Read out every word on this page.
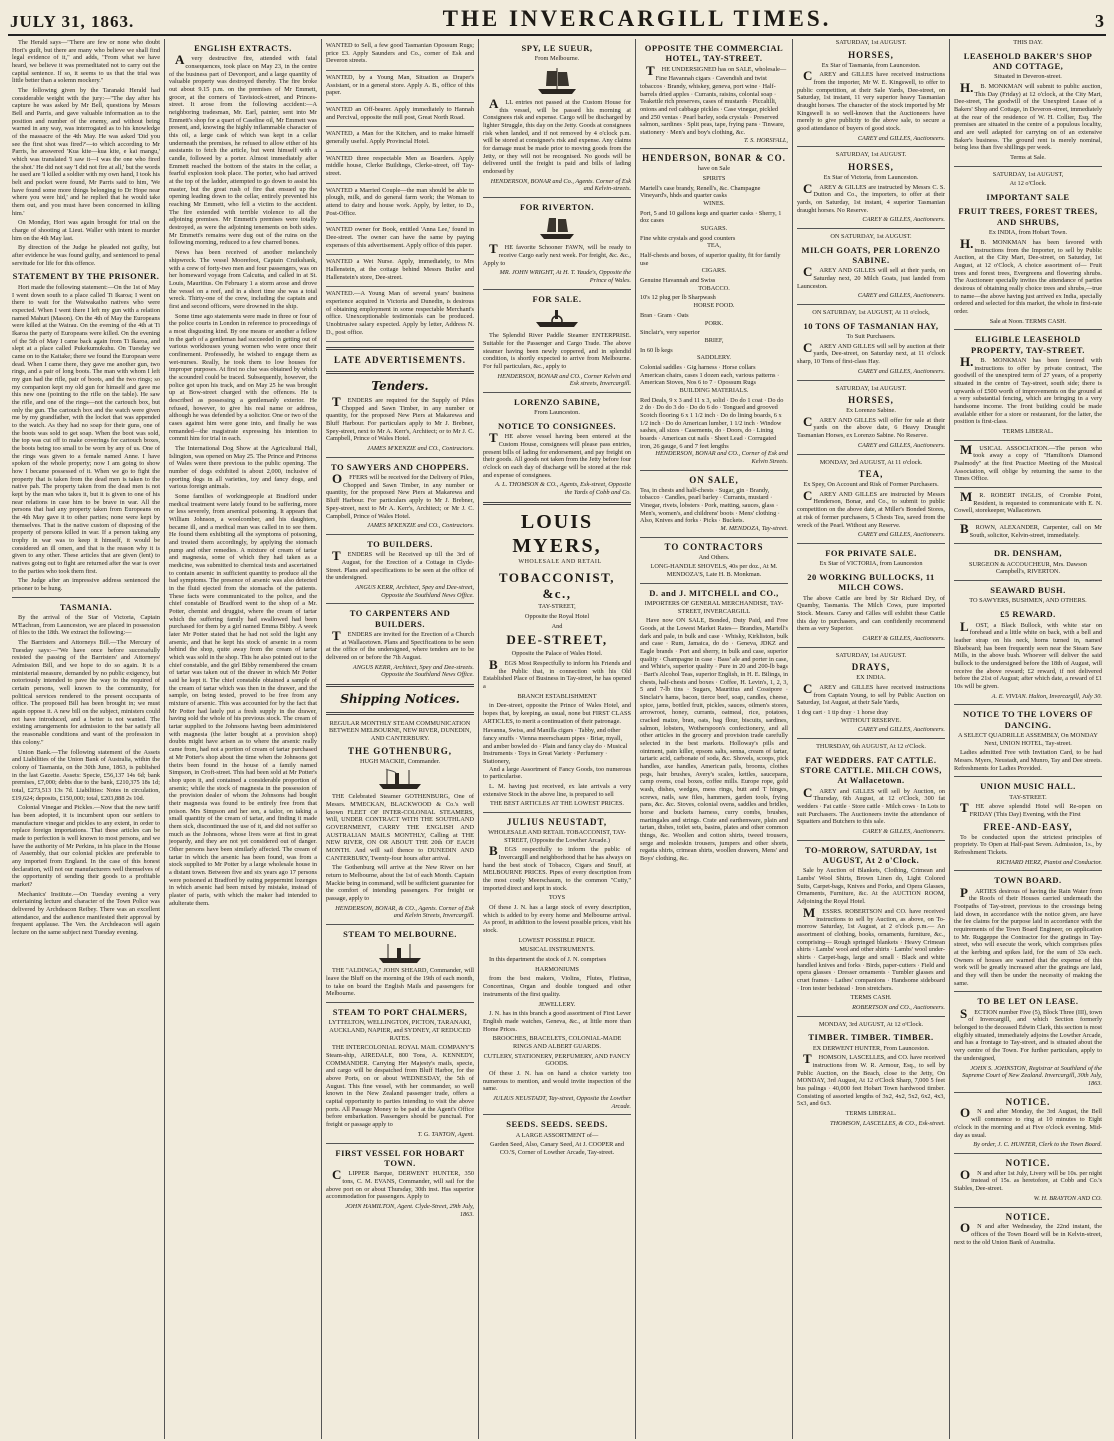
JULY 31, 1863.	THE INVERCARGILL TIMES.	3

The Herald says—"There are few or none who doubt Hori's guilt, but there are many who believe we shall find legal evidence of it," and adds, "From what we have heard, we believe it was premeditated not to carry out the capital sentence. If so, it seems to us that the trial was little better than a solemn mockery."

The following given by the Taranaki Herald had considerable weight with the jury:—"The day after his capture he was asked by Mr Bell, questions by Messrs Bell and Parris, and gave valuable information as to the position and number of the enemy, and without being warned in any way, was interrogated as to his knowledge of the massacre of the 4th May. He was asked 'Did you see the first shot was fired?'—to which according to Mr Parris, he answered 'Kua kite—kua kite, e kai mangu,' which was translated 'I saw it—I was the one who fired the shot.' He did not say 'I did not fire at all,' but the words he used are 'I killed a soldier with my own hand, I took his belt and pocket were found, Mr Parris said to him, 'We have found some more things belonging to Dr Hope near where you were hid,' and he replied that he would take them out, and you must have been concerned in killing him.'

On Monday, Hori was again brought for trial on the charge of shooting at Lieut. Waller with intent to murder him on the 4th May last.

By direction of the Judge he pleaded not guilty, but after evidence he was found guilty, and sentenced to penal servitude for life for this offence.

STATEMENT BY THE PRISONER.

Hori made the following statement:—On the 1st of May I went down south to a place called Ti Ikaroa; I went on there to wait for the Waiwakaiho natives who were expected. When I went there I left my gun with a relation named Mahuri (Mason). On the 4th of May the Europeans were killed at the Wairau. On the evening of the 4th at Ti Ikaroa the party of Europeans were killed. On the evening of the 5th of May I came back again from Ti Ikaroa, and slept at a place called Pukekumukuhu. On Tuesday we came on to the Kaitake; there we found the European were dead. When I came there, they gave me another gun, two rings, and a pair of long boots. The man with whom I left my gun had the rifle, pair of boots, and the two rings; so my companion kept my old gun for himself and gave me this new one (pointing to the rifle on the table). He saw the rifle, and one of the rings—not the cartouch box, but only the gun. The cartouch box and the watch were given me by my grandfather, with the locket that was appended to the watch. As they had no soap for their guns, one of the boots was sold to get soap. When the boot was sold, the top was cut off to make coverings for cartouch boxes, the boots being too small to be worn by any of us. One of the rings was given to a female named Anne. I have spoken of the whole property; now I am going to show how I became possessed of it. When we go to fight the property that is taken from the dead men is taken to the native pah. The property taken from the dead men is not kept by the man who takes it, but it is given to one of his near relations in case him to be brave in war. All the persons that had any property taken from Europeans on the 4th May gave it to other parties; none were kept by themselves. That is the native custom of disposing of the property of persons killed in war. If a person taking any trophy in war was to keep it himself, it would be considered an ill omen, and that is the reason why it is given to any other. These articles that are given (lent) to natives going out to fight are returned after the war is over to the parties who took them first.

The Judge after an impressive address sentenced the prisoner to be hung.

TASMANIA.

By the arrival of the Star of Victoria, Captain M'Eachran, from Launceston, we are placed in possession of files to the 18th. We extract the following:—

The Barristers and Attorneys Bill.—The Mercury of Tuesday says:—"We have once before successfully resisted the passing of the Barristers' and Attorneys' Admission Bill, and we hope to do so again. It is a ministerial measure, demanded by no public exigency, but notoriously intended to pave the way to the required of certain persons, well known to the community, for political services rendered to the present occupants of office. The proposed Bill has been brought in; we must again oppose it. A new bill on the subject, ministers could not have introduced, and a better is not wanted. The existing arrangements for admission to the bar satisfy all the reasonable conditions and want of the profession in this colony."

Union Bank.—The following statement of the Assets and Liabilities of the Union Bank of Australia, within the colony of Tasmania, on the 30th June, 1863, is published in the last Gazette. Assets: Specie, £56,137 14s 6d; bank premises, £7,000; debts due to the bank, £210,375 18s 1d; total, £273,513 13s 7d. Liabilities: Notes in circulation, £19,624; deposits, £150,000; total, £203,888 2s 10d.

Colonial Vinegar and Pickles.—Now that the new tariff has been adopted, it is incumbent upon our settlers to manufacture vinegar and pickles to any extent, in order to replace foreign importations. That these articles can be made to perfection is well known to most persons, and we have the authority of Mr Perkins, in his place in the House of Assembly, that our colonial pickles are preferable to any imported from England. In the case of this honest declaration, will not our manufacturers well themselves of the opportunity of sending their goods to a profitable market?

Mechanics' Institute.—On Tuesday evening a very entertaining lecture and character of the Town Police was delivered by Archdeacon Reibey. There was an excellent attendance, and the audience manifested their approval by frequent applause. The Ven. the Archdeacon will again lecture on the same subject next Tuesday evening.

ENGLISH EXTRACTS.

Avery destructive fire, attended with fatal consequences, took place on May 23, in the centre of the business part of Devonport, and a large quantity of valuable property was destroyed thereby. The fire broke out about 9.15 p.m. on the premises of Mr Emmett, grocer, at the corners of Tavistock-street, and Princes-street. It arose from the following accident:—A neighboring tradesman, Mr. Earl, painter, sent into Mr Emmett's shop for a quart of Caseline oil, Mr Emmett was present, and, knowing the highly inflammable character of this oil, a large cask of which was kept in a cellar underneath the premises, he refused to allow either of his assistants to fetch the article, but went himself with a candle, followed by a porter. Almost immediately after Emmett reached the bottom of the stairs in the cellar, a fearful explosion took place. The porter, who had arrived at the top of the ladder, attempted to go down to assist his master, but the great rush of fire that ensued up the opening leading down to the cellar, entirely prevented his reaching Mr Emmett, who fell a victim to the accident. The fire extended with terrible violence to all the adjoining premises. Mr Emmett's premises were totally destroyed, as were the adjoining tenements on both sides. Mr Emmett's remains were dug out of the ruins on the following morning, reduced to a few charred bones.

News has been received of another melancholy shipwreck. The vessel Moorefoot, Captain Cruikshank, with a crew of forty-two men and four passengers, was on her homeward voyage from Calcutta, and called in at St. Louis, Mauritius. On February 1 a storm arose and drove the vessel on a reef, and in a short time she was a total wreck. Thirty-one of the crew, including the captain and first and second officers, were drowned in the ship.

Some time ago statements were made in three or four of the police courts in London in reference to proceedings of a most disgusting kind. By one means or another a fellow in the garb of a gentleman had succeeded in getting out of various workhouses young women who were once their confinement. Professedly, he wished to engage them as wet-nurses. Really, he took them to low houses for improper purposes. At first no clue was obtained by which the scoundrel could be traced. Subsequently, however, the police got upon his track, and on May 25 he was brought up at Bow-street charged with the offences. He is described as possessing a gentlemanly exterior. He refused, however, to give his real name or address, although he was defended by a solicitor. One or two of the cases against him were gone into, and finally he was remanded—the magistrate expressing his intention to commit him for trial in each.

The International Dog Show at the Agricultural Hall, Islington, was opened on May 25. The Prince and Princess of Wales were there previous to the public opening. The number of dogs exhibited is about 2,000, inclusive of sporting dogs in all varieties, toy and fancy dogs, and various foreign animals.

Some families of workingpeople at Bradford under medical treatment were lately found to be suffering, more or less severely, from arsenical poisoning. It appears that William Johnson, a woolcomber, and his daughters, became ill, and a medical man was called in to see them. He found them exhibiting all the symptoms of poisoning, and treated them accordingly, by applying the stomach pump and other remedies. A mixture of cream of tartar and magnesia, some of which they had taken as a medicine, was submitted to chemical tests and ascertained to contain arsenic in sufficient quantity to produce all the bad symptoms. The presence of arsenic was also detected in the fluid ejected from the stomachs of the patients. These facts were communicated to the police, and the chief constable of Bradford went to the shop of a Mr. Potter, chemist and druggist, where the cream of tartar which the suffering family had swallowed had been purchased for them by a girl named Emma Bibby. A week later Mr Potter stated that he had not sold the light any arsenic, and that he kept his stock of arsenic in a room behind the shop, quite away from the cream of tartar which was sold in the shop. This he also pointed out to the chief constable, and the girl Bibby remembered the cream of tartar was taken out of the drawer in which Mr Potter said he kept it. The chief constable obtained a sample of the cream of tartar which was then in the drawer, and the sample, on being tested, proved to be free from any mixture of arsenic. This was accounted for by the fact that Mr Potter had lately put a fresh supply in the drawer, having sold the whole of his previous stock. The cream of tartar supplied to the Johnsons having been administered with magnesia (the latter bought at a provision shop) doubts might have arisen as to where the arsenic really came from, had not a portion of cream of tartar purchased at Mr Potter's shop about the time when the Johnsons got theirs been found in the house of a family named Simpson, in Croft-street. This had been sold at Mr Potter's shop upon it, and contained a considerable proportion of arsenic; while the stock of magnesia in the possession of the provision dealer of whom the Johnsons had bought their magnesia was found to be entirely free from that poison. Mrs Simpson and her son, a tailor, on taking a small quantity of the cream of tartar, and finding it made them sick, discontinued the use of it, and did not suffer so much as the Johnsons, whose lives were at first in great jeopardy, and they are not yet considered out of danger. Other persons have been similarly affected. The cream of tartar in which the arsenic has been found, was from a stock supplied to Mr Potter by a large wholesale house in a distant town. Between five and six years ago 17 persons were poisoned at Bradford by eating peppermint lozenges in which arsenic had been mixed by mistake, instead of plaster of paris, with which the maker had intended to adulterate them.

WANTED to Sell, a few good Tasmanian Opossum Rugs; price £3. Apply Saunders and Co., corner of Esk and Deveron streets.

WANTED, by a Young Man, Situation as Draper's Assistant, or in a general store. Apply A. B., office of this paper.

WANTED an Off-bearer. Apply immediately to Hannah and Percival, opposite the mill post, Great North Road.

WANTED, a Man for the Kitchen, and to make himself generally useful. Apply Provincial Hotel.

WANTED three respectable Men as Boarders. Apply middle house, Clerke Buildings, Clerke-street, off Tay-street.

WANTED a Married Couple—the man should be able to plough, milk, and do general farm work; the Woman to attend to dairy and house work. Apply, by letter, to D., Post-Office.

WANTED owner for Book, entitled 'Anna Lee,' found in Dee-street. The owner can have the same by paying expenses of this advertisement. Apply office of this paper.

WANTED a Wet Nurse. Apply, immediately, to Mrs Hallenstein, at the cottage behind Messrs Butler and Hallenstein's store, Dee-street.

WANTED.—A Young Man of several years' business experience acquired in Victoria and Dunedin, is desirous of obtaining employment in some respectable Merchant's office. Unexceptionable testimonials can be produced. Unobtrusive salary expected. Apply by letter, Address N. D., post office.

LATE ADVERTISEMENTS.
Tenders.

TENDERS are required for the Supply of Piles Chopped and Sawn Timber, in any number or quantity, for the proposed New Piers at Makarewa and Bluff Harbour. For particulars apply to Mr J. Brebner, Spey-street, next to Mr A. Kerr's, Architect; or to Mr J. C. Campbell, Prince of Wales Hotel.

JAMES M'KENZIE and CO., Contractors.

TO SAWYERS AND CHOPPERS.

OFFERS will be received for the Delivery of Piles, Chopped and Sawn Timber, in any number or quantity, for the proposed New Piers at Makarewa and Bluff Harbour. For particulars apply to Mr J. Brebner, Spey-street, next to Mr A. Kerr's, Architect; or Mr J. C. Campbell, Prince of Wales Hotel.

JAMES M'KENZIE and CO., Contractors.

TO BUILDERS.

TENDERS will be Received up till the 3rd of August, for the Erection of a Cottage in Clyde-Street. Plans and specifications to be seen at the office of the undersigned.

ANGUS KERR, Architect, Spey and Dee-street, Opposite the Southland News Office.

TO CARPENTERS AND BUILDERS.

TENDERS are invited for the Erection of a Church at Wallacetown. Plans and Specifications to be seen at the office of the undersigned, where tenders are to be delivered on or before the 7th August.

ANGUS KERR, Architect, Spey and Dee-streets. Opposite the Southland News Office.

Shipping Notices.

REGULAR MONTHLY STEAM COMMUNICATION BETWEEN MELBOURNE, NEW RIVER, DUNEDIN, AND CANTERBURY.

THE GOTHENBURG,

HUGH MACKIE, Commander.

THE Celebrated Steamer GOTHENBURG, One of Messrs. M'MECKAN, BLACKWOOD & Co.'s well known FLEET OF INTER-COLONIAL STEAMERS, Will, UNDER CONTRACT WITH THE SOUTHLAND GOVERNMENT, CARRY THE ENGLISH AND AUSTRALIAN MAILS MONTHLY, Calling at THE NEW RIVER, ON OR ABOUT THE 20th OF EACH MONTH. And will sail thence to DUNEDIN AND CANTERBURY, Twenty-four hours after arrival.

The Gothenburg will arrive at the New River on her return to Melbourne, about the 1st of each Month. Captain Mackie being in command, will be sufficient guarantee for the comfort of intending passengers. For freight or passage, apply to

HENDERSON, BONAR, & CO., Agents. Corner of Esk and Kelvin Streets, Invercargill.

STEAM TO MELBOURNE.

THE "ALDINGA," JOHN SHEARD, Commander, will leave the Bluff on the morning of the 19th of each month, to take on board the English Mails and passengers for Melbourne.

STEAM TO PORT CHALMERS,

LYTTELTON, WELLINGTON, PICTON, TARANAKI, AUCKLAND, NAPIER, and SYDNEY, AT REDUCED RATES.

THE INTERCOLONIAL ROYAL MAIL COMPANY'S Steam-ship, AIREDALE, 800 Tons, A. KENNEDY, COMMANDER. Carrying Her Majesty's mails, specie, and cargo will be despatched from Bluff Harbor, for the above Ports, on or about WEDNESDAY, the 5th of August. This fine vessel, with her commander, so well known in the New Zealand passenger trade, offers a capital opportunity to parties intending to visit the above ports. All Passage Money to be paid at the Agent's Office before embarkation. Passengers should be punctual. For freight or passage apply to

T. G. TANTON, Agent.

FIRST VESSEL FOR HOBART TOWN.

CLIPPER Barque, DERWENT HUNTER, 350 tons, C. M. EVANS, Commander, will sail for the above port on or about Thursday, 30th inst. Has superior accommodation for passengers. Apply to

JOHN HAMILTON, Agent. Clyde-Street, 29th July, 1863.

SPY, LE SUEUR,

From Melbourne.

ALL entries not passed at the Custom House for this vessel, will be passed his morning at Consignees risk and expense. Cargo will be discharged by lighter Struggle, this day on the Jetty. Goods at consignees risk when landed, and if not removed by 4 o'clock p.m. will be stored at consignee's risk and expense. Any claims for damage must be made prior to moving goods from the Jetty, or they will not be recognised. No goods will be delivered until the freight is paid and bills of lading endorsed by

HENDERSON, BONAR and Co., Agents. Corner of Esk and Kelvin-streets.

FOR RIVERTON.

THE favorite Schooner FAWN, will be ready to receive Cargo early next week. For freight, &c. &c., Apply to

MR. JOHN WRIGHT, At H. T. Yaude's, Opposite the Prince of Wales.

FOR SALE.

The Splendid River Paddle Steamer ENTERPRISE. Suitable for the Passenger and Cargo Trade. The above steamer having been newly coppered, and in splendid condition, is shortly expected to arrive from Melbourne. For full particulars, &c., apply to

HENDERSON, BONAR and CO., Corner Kelvin and Esk streets, Invercargill.

LORENZO SABINE,

From Launceston.

NOTICE TO CONSIGNEES.

THE above vessel having been entered at the Custom House, consignees will please pass entries, present bills of lading for endorsement, and pay freight on their goods. All goods not taken from the Jetty before four o'clock on each day of discharge will be stored at the risk and expense of consignees.

A. L. THOMSON & CO., Agents, Esk-street, Opposite the Yards of Cobb and Co.

LOUIS MYERS,

WHOLESALE AND RETAIL

TOBACCONIST, &c.,

TAY-STREET,

Opposite the Royal Hotel

And

DEE-STREET,

Opposite the Palace of Wales Hotel.

BEGS Most Respectfully to inform his Friends and the Public that, in connection with his Old Established Place of Business in Tay-street, he has opened a

BRANCH ESTABLISHMENT

in Dee-street, opposite the Prince of Wales Hotel, and hopes that, by keeping, as usual, none but FIRST CLASS ARTICLES, to merit a continuation of their patronage.

Havanna, Swiss, and Manilla cigars · Tabby, and other fancy snuffs · Vienna meerschaum pipes · Briar, myall, and amber bowled do · Plain and fancy clay do · Musical Instruments · Toys in Great Variety · Perfumery · Stationery,

And a large Assortment of Fancy Goods, too numerous to particularise.

L. M. having just received, ex late arrivals a very extensive Stock in the above line, is prepared to sell

THE BEST ARTICLES AT THE LOWEST PRICES.

JULIUS NEUSTADT,

WHOLESALE AND RETAIL TOBACCONIST, TAY-STREET, (Opposite the Lowther Arcade.)

BEGS respectfully to inform the public of Invercargill and neighborhood that he has always on hand the best stock of Tobacco, Cigars and Snuff, at MELBOURNE PRICES. Pipes of every description from the most costly Meerschaum, to the common "Cutty," imported direct and kept in stock.

TOYS

Of these J. N. has a large stock of every description, which is added to by every home and Melbourne arrival. As proof, in addition to the lowest possible prices, visit his stock.

LOWEST POSSIBLE PRICE.

MUSICAL INSTRUMENTS.

In this department the stock of J. N. comprises

HARMONIUMS

from the best makers, Violins, Flutes, Flutinas, Concertinas, Organ and double tongued and other instruments of the first quality.

JEWELLERY.

J. N. has in this branch a good assortment of First Lever English made watches, Geneva, &c., at little more than Home Prices.

BROOCHES, BRACELETS, COLONIAL-MADE RINGS AND ALBERT GUARDS.

CUTLERY, STATIONERY, PERFUMERY, AND FANCY GOODS.

Of these J. N. has on hand a choice variety too numerous to mention, and would invite inspection of the same.

JULIUS NEUSTADT, Tay-street, Opposite the Lowther Arcade.

SEEDS. SEEDS. SEEDS.

A LARGE ASSORTMENT of—

Garden Seed, Also, Canary Seed, At J. COOPER and CO.'S, Corner of Lowther Arcade, Tay-street.

OPPOSITE THE COMMERCIAL HOTEL, TAY-STREET.

THE UNDERSIGNED has on SALE, wholesale—

Fine Havannah cigars · Cavendish and twist tobaccos · Brandy, whiskey, geneva, port wine · Half-barrels dried apples · Currants, raisins, colonial soap · Teakettle rich preserves, cases of mustards · Piccalilli, onions and red cabbage pickles · Case vinegar, pickled and 250 ventas · Pearl barley, soda crystals · Preserved salmon, sardines · Split peas, tape, frying pans · Tinware, stationery · Men's and boy's clothing, &c.

T. S. HORSFALL,

HENDERSON, BONAR & CO.

have on Sale

SPIRITS

Martell's case brandy, Renell's, &c. Champagne Vineyard's, hhds and quarter casks

WINES.

Port, 5 and 10 gallons kegs and quarter casks · Sherry, 1 doz cases

SUGARS.

Fine white crystals and good counters

TEA,

Half-chests and boxes, of superior quality, fit for family use

CIGARS.

Genuine Havannah and Swiss

TOBACCO.

10's 12 plug per lb Sharpwash

HORSE FOOD.

Bran · Gram · Oats

PORK.

Sinclair's, very superior

BRIEF,

In 60 lb kegs

SADDLERY.

Colonial saddles · Gig harness · Horse collars

American chairs, cases 1 dozen each, various patterns · American Stoves, Nos 6 to 7 · Opossum Rugs

BUILDING MATERIALS.

Red Deals, 9 x 3 and 11 x 3, solid · Do do 1 coat · Do do 2 do · Do do 3 do · Do do 6 do · Tongued and grooved Scotch flooring 6 x 1 1/2 inch · Do do lining boards, 6 x 1/2 inch · Do do American lumber, 1 1/2 inch · Window sashes, all sizes · Casements, do · Doors, do · Lining boards · American cut nails · Sheet Lead · Corrugated iron, 26 gauge, 6 and 7 feet lengths

HENDERSON, BONAR and CO., Corner of Esk and Kelvin Streets.

ON SALE,

Tea, in chests and half-chests · Sugar, gin · Brandy, tobacco · Candles, pearl barley · Currants, mustard · Vinegar, rivets, lobsters · Pork, matting, sauces, glass · Men's, women's, and childrens' boots · Mens' clothing · Also, Knives and forks · Picks · Buckets.

M. MENDOZA, Tay-street.

TO CONTRACTORS

And Others.

LONG-HANDLE SHOVELS, 40s per doz., At M. MENDOZA'S, Late H. B. Monkman.

D. and J. MITCHELL and CO.,

IMPORTERS OF GENERAL MERCHANDISE, TAY-STREET, INVERCARGILL

Have now ON SALE, Bonded, Duty Paid, and Free Goods, at the Lowest Market Rates— Brandies, Martell's dark and pale, in bulk and case · Whisky, Kirkliston, bulk and case · Rum, Jamaica, do do · Geneva, JDKZ and Eagle brands · Port and sherry, in bulk and case, superior quality · Champagne in case · Bass' ale and porter in case, and White's, superior quality · Pure in 20 and 200-lb bags · Bart's Alcohol Teas, superior English, in H. E. Bilings, in chests, half-chests and boxes · Coffee, H. Levin's, 1, 2, 3, 5 and 7-lb tins · Sugars, Mauritius and Cossipore · Sinclair's hams, bacon, tierce beef, soap, candles, cheese, spice, jams, bottled fruit, pickles, sauces, oilmen's stores, arrowroot, honey, currants, oatmeal, rice, potatoes, cracked maize, bran, oats, bag flour, biscuits, sardines, salmon, lobsters, Wotherspoon's confectionery, and all other articles in the grocery and provision trade carefully selected in the best markets. Holloway's pills and ointment, pain killer, epsom salts, senna, cream of tartar, tartaric acid, carbonate of soda, &c. Shovels, scoops, pick handles, axe handles, American pails, brooms, clothes pegs, hair brushes, Avery's scales, kettles, saucepans, camp ovens, coal boxes, coffee mills. Europe rope, gold wash, dishes, wedges, mess rings, butt and T hinges, screws, nails, saw files, hammers, garden tools, frying pans, &c. &c. Stoves, colonial ovens, saddles and bridles, horse and buckets harness, curry combs, brushes, martingales and strings. Crate and earthenware, plain and tartan, dishes, toilet sets, basins, plates and other common things, &c. Woollen and cotton shirts, tweed trousers, serge and moleskin trousers, jumpers and other shorts, regatta shirts, crimean shirts, woollen drawers, Mens' and Boys' clothing, &c.

SATURDAY, 1st AUGUST.

HORSES,

Ex Star of Tasmania, from Launceston.

CAREY and GILLES have received instructions from the importer, Mr W. E. Kingswell, to offer to public competition, at their Sale Yards, Dee-street, on Saturday, 1st instant, 11 very superior heavy Tasmanian draught horses. The character of the stock imported by Mr Kingswell is so well-known that the Auctioneers have merely to give publicity to the above sale, to secure a good attendance of buyers of good stock.

CAREY and GILLES, Auctioneers.

SATURDAY, 1st AUGUST.

HORSES,

Ex Star of Victoria, from Launceston.

CAREY & GILLES are instructed by Messrs C. S. Dutton and Co., the importers, to offer at their yards, on Saturday, 1st instant, 4 superior Tasmanian draught horses. No Reserve.

CAREY & GILLES, Auctioneers.

ON SATURDAY, 1st AUGUST.

MILCH GOATS, PER LORENZO SABINE.

CAREY AND GILLES will sell at their yards, on Saturday next, 20 Milch Goats, just landed from Launceston.

CAREY and GILLES, Auctioneers.

ON SATURDAY, 1st AUGUST, At 11 o'clock,

10 TONS OF TASMANIAN HAY,

To Suit Purchasers.

CAREY AND GILLES will sell by auction at their yards, Dee-street, on Saturday next, at 11 o'clock sharp, 10 Tons of first-class Hay.

CAREY and GILLES, Auctioneers.

SATURDAY, 1st AUGUST.

HORSES,

Ex Lorenzo Sabine.

CAREY AND GILLES will offer for sale at their yards on the above date, 6 Heavy Draught Tasmanian Horses, ex Lorenzo Sabine. No Reserve.

CAREY and GILLES, Auctioneers.

MONDAY, 3rd AUGUST, At 11 o'clock.

TEA,

Ex Spey, On Account and Risk of Former Purchasers.

CAREY AND GILLES are instructed by Messrs Henderson, Bonar, and Co., to submit to public competition on the above date, at Miller's Bonded Stores, at risk of former purchasers, 5 Chests Tea, saved from the wreck of the Pearl. Without any Reserve.

CAREY and GILLES, Auctioneers.

FOR PRIVATE SALE.

Ex Star of VICTORIA, from Launceston

20 WORKING BULLOCKS, 11 MILCH COWS.

The above Cattle are bred by Sir Richard Dry, of Quamby, Tasmania. The Milch Cows, pure imported Stock. Messrs. Carey and Gilles will exhibit these Cattle this day to purchasers, and can confidently recommend them as very Superior.

CAREY & GILLES, Auctioneers.

SATURDAY, 1st AUGUST.

DRAYS,

EX INDIA.

CAREY and GILLES have received instructions from Captain Young, to sell by Public Auction on Saturday, 1st August, at their Sale Yards,

1 dog cart · 1 tip dray · 1 horse dray

WITHOUT RESERVE.

CAREY and GILLES, Auctioneers.

THURSDAY, 6th AUGUST, At 12 o'Clock.

FAT WEDDERS. FAT CATTLE. STORE CATTLE. MILCH COWS, At Wallacetown.

CAREY and GILLES will sell by Auction, on Thursday, 6th August, at 12 o'Clock, 300 fat wedders · Fat cattle · Store cattle · Milch cows · In Lots to suit Purchasers. The Auctioneers invite the attendance of Squatters and Butchers to this sale.

CAREY & GILLES, Auctioneers.

TO-MORROW, SATURDAY, 1st AUGUST, At 2 o'Clock.

Sale by Auction of Blankets, Clothing, Crimean and Lambs' Wool Shirts, Brown Linen do, Light Colored Suits, Carpet-bags, Knives and Forks, and Opera Glasses, Ornaments, Furniture, &c. At the AUCTION ROOM, Adjoining the Royal Hotel.

MESSRS. ROBERTSON and CO. have received instructions to sell by Auction, as above, on To-morrow Saturday, 1st August, at 2 o'clock p.m.— An assortment of clothing, books, ornaments, furniture, &c., comprising— Rough springed blankets · Heavy Crimean shirts · Lambs' wool and other shirts · Lambs' wool under-shirts · Carpet-bags, large and small · Black and white handled knives and forks · Birds, paper-cutters · Field and opera glasses · Dresser ornaments · Tumbler glasses and cruet frames · Lathes' companions · Handsome sideboard · Iron tester bedstead · Iron stretchers.

TERMS CASH.

ROBERTSON and CO., Auctioneers.

MONDAY, 3rd AUGUST, At 12 o'Clock.

TIMBER. TIMBER. TIMBER.

EX DERWENT HUNTER, From Launceston.

THOMSON, LASCELLES, and CO. have received instructions from W. R. Armour, Esq., to sell by Public Auction, on the Beach, close to the Jetty, On MONDAY, 3rd August, At 12 o'Clock Sharp, 7,000 5 feet bus palings · 40,000 feet Hobart Town hardwood timber. Consisting of assorted lengths of 3x2, 4x2, 5x2, 6x2, 4x3, 5x3, and 6x3.

TERMS LIBERAL.

THOMSON, LASCELLES, & CO., Esk-street.

THIS DAY.

LEASEHOLD BAKER'S SHOP AND COTTAGE,

Situated in Deveron-street.

H.B. MONKMAN will submit to public auction, This Day (Friday) at 12 o'clock, at the City Mart, Dee-street, The goodwill of the Unexpired Lease of a Bakers' Shop and Cottage, in Deveron-street, immediately at the rear of the residence of W. H. Collier, Esq. The premises are situated in the centre of a populous locality, and are well adapted for carrying on of an extensive Baker's business. The ground rent is merely nominal, being less than five shillings per week.

Terms at Sale.

SATURDAY, 1st AUGUST,

At 12 o'Clock.

IMPORTANT SALE
FRUIT TREES, FOREST TREES, AND SHRUBS,

Ex INDIA, from Hobart Town.

H.B. MONKMAN has been favored with instructions from the Importer, to sell by Public Auction, at the City Mart, Dee-street, on Saturday, 1st August, at 12 o'Clock, A choice assortment of— Fruit trees and forest trees, Evergreens and flowering shrubs. The Auctioneer specially invites the attendance of parties desirous of obtaining really choice trees and shrubs,—true to name—the above having just arrived ex India, specially ordered and selected for this market, the whole in first-rate order.

Sale at Noon. TERMS CASH.

ELIGIBLE LEASEHOLD PROPERTY, TAY-STREET.

H.B. MONKMAN has been favored with instructions to offer by private contract, The goodwill of the unexpired term of 27 years, of a property situated in the centre of Tay-street, south side; there is upwards of £500 worth of improvements on the ground at a very substantial fencing, which are bringing in a very handsome income. The front building could be made available either for a store or restaurant, for the latter, the position is first-class.

TERMS LIBERAL.

MUSICAL ASSOCIATION.—The person who took away a copy of "Hamilton's Diamond Psalmody" at the first Practice Meeting of the Musical Association, will oblige by returning the same to the Times Office.

MR. ROBERT INGLIS, of Crombie Point, Resident, is requested to communicate with E. N. Cowell, storekeeper, Wallacetown.

BROWN, ALEXANDER, Carpenter, call on Mr South, solicitor, Kelvin-street, immediately.

DR. DENSHAM,

SURGEON & ACCOUCHEUR, Mrs. Dawson Campbell's, RIVERTON.

SEAWARD BUSH.

TO SAWYERS, BUSHMEN, AND OTHERS.

£5 REWARD.

LOST, a Black Bullock, with white star on forehead and a little white on back, with a bell and leather strap on his neck, horns turned in, named Bluebeard; has been frequently seen near the Steam Saw Mills, in the above bush. Whoever will deliver the said bullock to the undersigned before the 18th of August, will receive the above reward; £2 reward, if not delivered before the 21st of August; after which date, a reward of £1 10s will be given.

A. E. VIVIAN. Halton, Invercargill, July 30.

NOTICE TO THE LOVERS OF DANCING.

A SELECT QUADRILLE ASSEMBLY, On MONDAY Next, UNION HOTEL, Tay-street.

Ladies admitted Free with Invitation Card, to be had Messrs. Myers, Neustadt, and Munro, Tay and Dee streets. Refreshments for Ladies Provided.

UNION MUSIC HALL.

TAY-STREET.

THE above splendid Hotel will Re-open on FRIDAY (This Day) Evening, with the First

FREE-AND-EASY,

To be conducted upon the strictest principles of propriety. To Open at Half-past Seven. Admission, 1s., by Refreshment Tickets.

RICHARD HERZ, Pianist and Conductor.

TOWN BOARD.

PARTIES desirous of having the Rain Water from the Roofs of their Houses carried underneath the Footpaths of Tay-street, previous to the crossings being laid down, in accordance with the notice given, are have the fee claims for the purpose laid in accordance with the requirements of the Town Board Engineer, on application to Mr. Ruggeppe the Contractor for the gratings in Tay-street, who will execute the work, which comprises piles at the kerbing and spikes laid, for the sum of 33s each. Owners of houses are warned that the expense of this work will be greatly increased after the gratings are laid, and they will then be under the necessity of making the same.

TO BE LET ON LEASE.

SECTION number Five (5), Block Three (III), town of Invercargill, and which Section formerly belonged to the deceased Edwin Clark, this section is most eligibly situated, immediately adjoins the Lowther Arcade, and has a frontage to Tay-street, and is situated about the very centre of the Town. For further particulars, apply to the undersigned,

JOHN S. JOHNSTON, Registrar at Southland of the Supreme Court of New Zealand. Invercargill, 30th July, 1863.

NOTICE.

ON and after Monday, the 3rd August, the Bell will commence to ring at 10 minutes to Eight o'clock in the morning and at Five o'clock evening. Mid-day as usual.

By order, J. C. HUNTER, Clerk to the Town Board.

NOTICE.

ON and after 1st July, Livery will be 10s. per night instead of 15s. as heretofore, at Cobb and Co.'s Stables, Dee-street.

W. H. BRAYTON AND CO.

NOTICE.

ON and after Wednesday, the 22nd instant, the offices of the Town Board will be in Kelvin-street, next to the old Union Bank of Australia.
